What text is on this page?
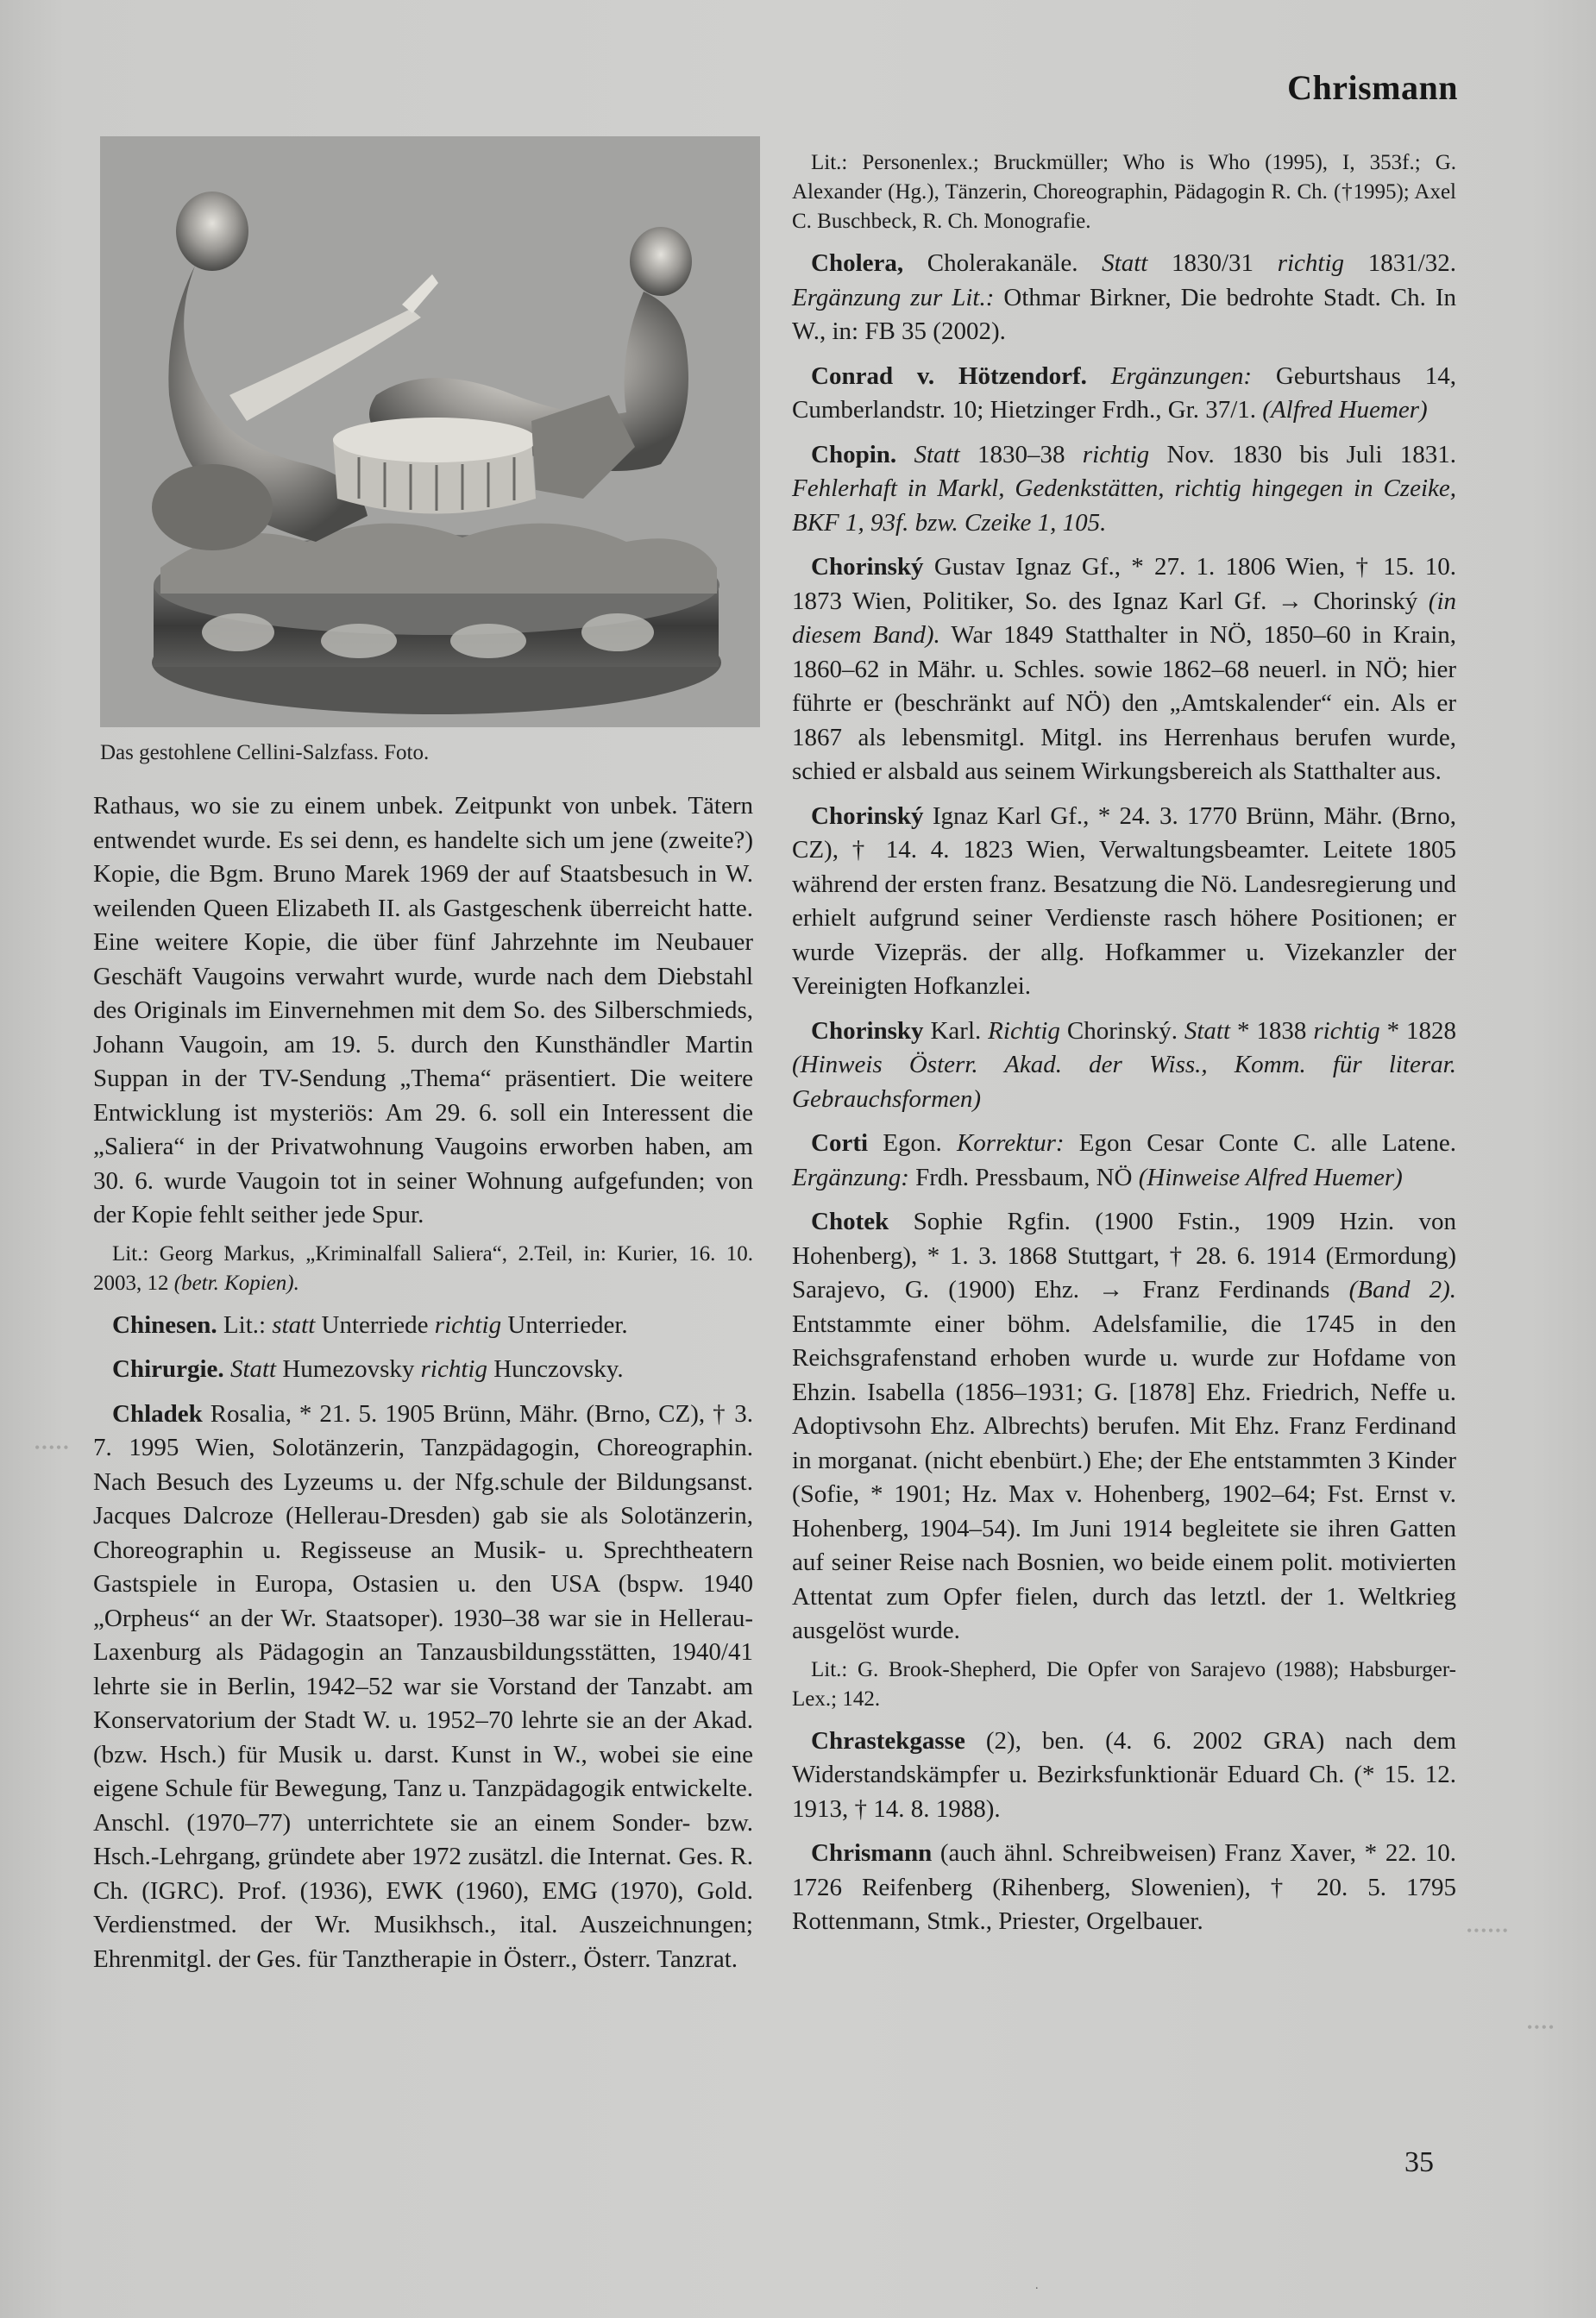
Chrismann
Das gestohlene Cellini-Salzfass. Foto.

Rathaus, wo sie zu einem unbek. Zeitpunkt von unbek. Tätern entwendet wurde. Es sei denn, es handelte sich um jene (zweite?) Kopie, die Bgm. Bruno Marek 1969 der auf Staatsbesuch in W. weilenden Queen Elizabeth II. als Gastgeschenk überreicht hatte. Eine weitere Kopie, die über fünf Jahrzehnte im Neubauer Geschäft Vaugoins verwahrt wurde, wurde nach dem Diebstahl des Originals im Einvernehmen mit dem So. des Silberschmieds, Johann Vaugoin, am 19. 5. durch den Kunsthändler Martin Suppan in der TV-Sendung „Thema“ präsentiert. Die weitere Entwicklung ist mysteriös: Am 29. 6. soll ein Interessent die „Saliera“ in der Privatwohnung Vaugoins erworben haben, am 30. 6. wurde Vaugoin tot in seiner Wohnung aufgefunden; von der Kopie fehlt seither jede Spur.

Lit.: Georg Markus, „Kriminalfall Saliera“, 2.Teil, in: Kurier, 16. 10. 2003, 12 (betr. Kopien).

Chinesen. Lit.: statt Unterriede richtig Unterrieder.

Chirurgie. Statt Humezovsky richtig Hunczovsky.

Chladek Rosalia, * 21. 5. 1905 Brünn, Mähr. (Brno, CZ), † 3. 7. 1995 Wien, Solotänzerin, Tanzpädagogin, Choreographin. Nach Besuch des Lyzeums u. der Nfg.schule der Bildungsanst. Jacques Dalcroze (Hellerau-Dresden) gab sie als Solotänzerin, Choreographin u. Regisseuse an Musik- u. Sprechtheatern Gastspiele in Europa, Ostasien u. den USA (bspw. 1940 „Orpheus“ an der Wr. Staatsoper). 1930–38 war sie in Hellerau-Laxenburg als Pädagogin an Tanzausbildungsstätten, 1940/41 lehrte sie in Berlin, 1942–52 war sie Vorstand der Tanzabt. am Konservatorium der Stadt W. u. 1952–70 lehrte sie an der Akad. (bzw. Hsch.) für Musik u. darst. Kunst in W., wobei sie eine eigene Schule für Bewegung, Tanz u. Tanzpädagogik entwickelte. Anschl. (1970–77) unterrichtete sie an einem Sonder- bzw. Hsch.-Lehrgang, gründete aber 1972 zusätzl. die Internat. Ges. R. Ch. (IGRC). Prof. (1936), EWK (1960), EMG (1970), Gold. Verdienstmed. der Wr. Musikhsch., ital. Auszeichnungen; Ehrenmitgl. der Ges. für Tanztherapie in Österr., Österr. Tanzrat.

Lit.: Personenlex.; Bruckmüller; Who is Who (1995), I, 353f.; G. Alexander (Hg.), Tänzerin, Choreographin, Pädagogin R. Ch. (†1995); Axel C. Buschbeck, R. Ch. Monografie.

Cholera, Cholerakanäle. Statt 1830/31 richtig 1831/32. Ergänzung zur Lit.: Othmar Birkner, Die bedrohte Stadt. Ch. In W., in: FB 35 (2002).

Conrad v. Hötzendorf. Ergänzungen: Geburtshaus 14, Cumberlandstr. 10; Hietzinger Frdh., Gr. 37/1. (Alfred Huemer)

Chopin. Statt 1830–38 richtig Nov. 1830 bis Juli 1831. Fehlerhaft in Markl, Gedenkstätten, richtig hingegen in Czeike, BKF 1, 93f. bzw. Czeike 1, 105.

Chorinský Gustav Ignaz Gf., * 27. 1. 1806 Wien, † 15. 10. 1873 Wien, Politiker, So. des Ignaz Karl Gf. → Chorinský (in diesem Band). War 1849 Statthalter in NÖ, 1850–60 in Krain, 1860–62 in Mähr. u. Schles. sowie 1862–68 neuerl. in NÖ; hier führte er (beschränkt auf NÖ) den „Amtskalender“ ein. Als er 1867 als lebensmitgl. Mitgl. ins Herrenhaus berufen wurde, schied er alsbald aus seinem Wirkungsbereich als Statthalter aus.

Chorinský Ignaz Karl Gf., * 24. 3. 1770 Brünn, Mähr. (Brno, CZ), † 14. 4. 1823 Wien, Verwaltungsbeamter. Leitete 1805 während der ersten franz. Besatzung die Nö. Landesregierung und erhielt aufgrund seiner Verdienste rasch höhere Positionen; er wurde Vizepräs. der allg. Hofkammer u. Vizekanzler der Vereinigten Hofkanzlei.

Chorinsky Karl. Richtig Chorinský. Statt * 1838 richtig * 1828 (Hinweis Österr. Akad. der Wiss., Komm. für literar. Gebrauchsformen)

Corti Egon. Korrektur: Egon Cesar Conte C. alle Latene. Ergänzung: Frdh. Pressbaum, NÖ (Hinweise Alfred Huemer)

Chotek Sophie Rgfin. (1900 Fstin., 1909 Hzin. von Hohenberg), * 1. 3. 1868 Stuttgart, † 28. 6. 1914 (Ermordung) Sarajevo, G. (1900) Ehz. → Franz Ferdinands (Band 2). Entstammte einer böhm. Adelsfamilie, die 1745 in den Reichsgrafenstand erhoben wurde u. wurde zur Hofdame von Ehzin. Isabella (1856–1931; G. [1878] Ehz. Friedrich, Neffe u. Adoptivsohn Ehz. Albrechts) berufen. Mit Ehz. Franz Ferdinand in morganat. (nicht ebenbürt.) Ehe; der Ehe entstammten 3 Kinder (Sofie, * 1901; Hz. Max v. Hohenberg, 1902–64; Fst. Ernst v. Hohenberg, 1904–54). Im Juni 1914 begleitete sie ihren Gatten auf seiner Reise nach Bosnien, wo beide einem polit. motivierten Attentat zum Opfer fielen, durch das letztl. der 1. Weltkrieg ausgelöst wurde.

Lit.: G. Brook-Shepherd, Die Opfer von Sarajevo (1988); Habsburger-Lex.; 142.

Chrastekgasse (2), ben. (4. 6. 2002 GRA) nach dem Widerstandskämpfer u. Bezirksfunktionär Eduard Ch. (* 15. 12. 1913, † 14. 8. 1988).

Chrismann (auch ähnl. Schreibweisen) Franz Xaver, * 22. 10. 1726 Reifenberg (Rihenberg, Slowenien), † 20. 5. 1795 Rottenmann, Stmk., Priester, Orgelbauer.

•••••
••••••
••••
35
.
